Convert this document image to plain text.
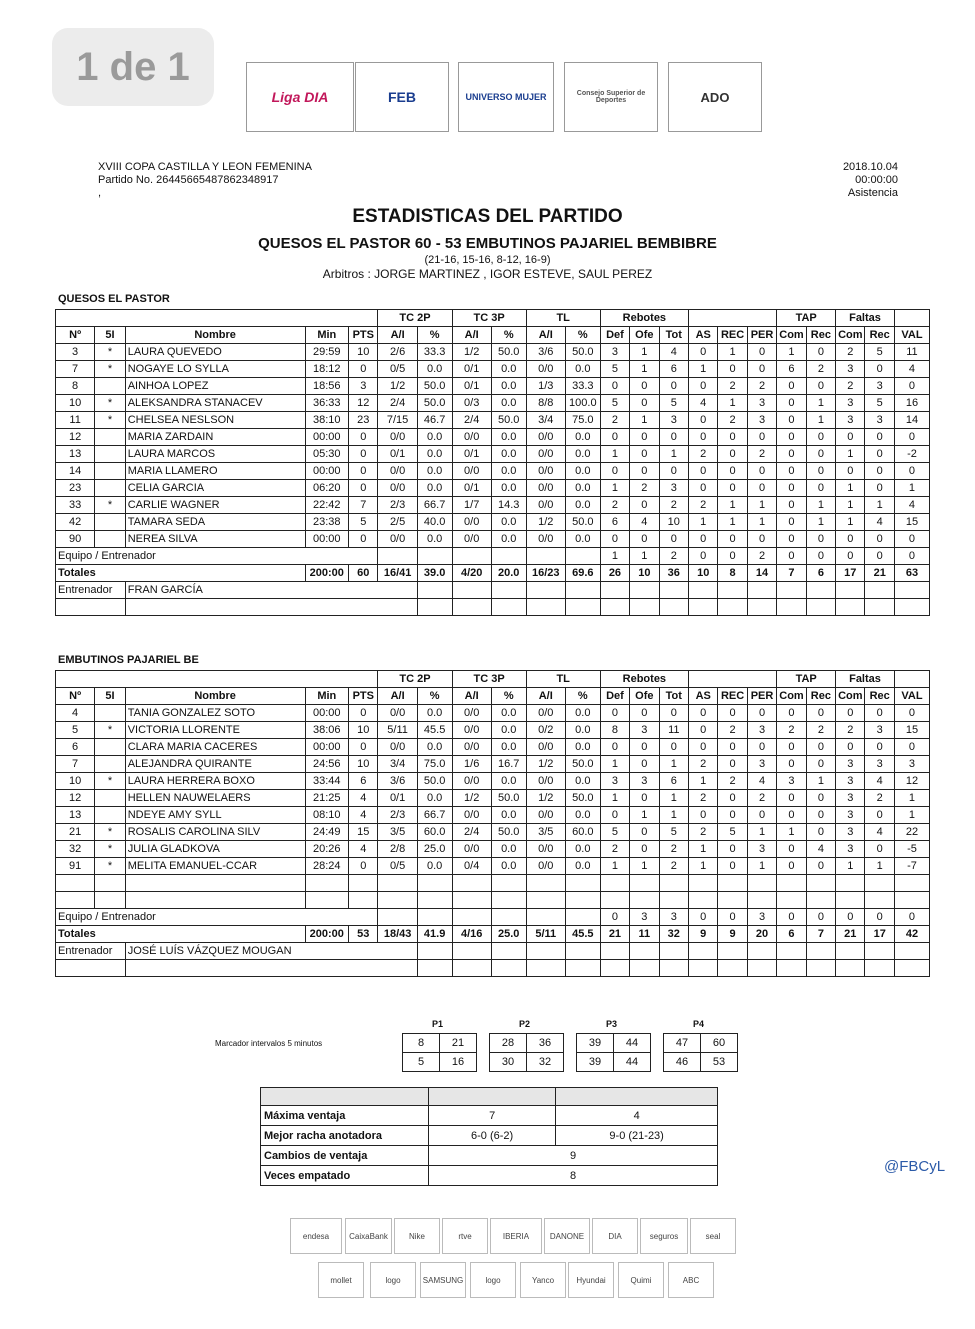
1 de 1
Liga DIA	FEB	UNIVERSO MUJER	Consejo Superior de Deportes	ADO
XVIII COPA CASTILLA Y LEON FEMENINA
Partido No. 26445665487862348917
,
2018.10.04
00:00:00
Asistencia
ESTADISTICAS DEL PARTIDO
QUESOS EL PASTOR 60 - 53 EMBUTINOS PAJARIEL BEMBIBRE
(21-16, 15-16, 8-12, 16-9)
Arbitros : JORGE MARTINEZ , IGOR ESTEVE, SAUL PEREZ
QUESOS EL PASTOR
					TC 2P		TC 3P		TL		Rebotes						TAP		Faltas		
Nº	5I	Nombre	Min	PTS	A/I	%	A/I	%	A/I	%	Def	Ofe	Tot	AS	REC	PER	Com	Rec	Com	Rec	VAL
3	*	LAURA QUEVEDO	29:59	10	2/6	33.3	1/2	50.0	3/6	50.0	3	1	4	0	1	0	1	0	2	5	11
7	*	NOGAYE LO SYLLA	18:12	0	0/5	0.0	0/1	0.0	0/0	0.0	5	1	6	1	0	0	6	2	3	0	4
8		AINHOA LOPEZ	18:56	3	1/2	50.0	0/1	0.0	1/3	33.3	0	0	0	0	2	2	0	0	2	3	0
10	*	ALEKSANDRA STANACEV	36:33	12	2/4	50.0	0/3	0.0	8/8	100.0	5	0	5	4	1	3	0	1	3	5	16
11	*	CHELSEA NESLSON	38:10	23	7/15	46.7	2/4	50.0	3/4	75.0	2	1	3	0	2	3	0	1	3	3	14
12		MARIA ZARDAIN	00:00	0	0/0	0.0	0/0	0.0	0/0	0.0	0	0	0	0	0	0	0	0	0	0	0
13		LAURA MARCOS	05:30	0	0/1	0.0	0/1	0.0	0/0	0.0	1	0	1	2	0	2	0	0	1	0	-2
14		MARIA LLAMERO	00:00	0	0/0	0.0	0/0	0.0	0/0	0.0	0	0	0	0	0	0	0	0	0	0	0
23		CELIA GARCIA	06:20	0	0/0	0.0	0/1	0.0	0/0	0.0	1	2	3	0	0	0	0	0	1	0	1
33	*	CARLIE WAGNER	22:42	7	2/3	66.7	1/7	14.3	0/0	0.0	2	0	2	2	1	1	0	1	1	1	4
42		TAMARA SEDA	23:38	5	2/5	40.0	0/0	0.0	1/2	50.0	6	4	10	1	1	1	0	1	1	4	15
90		NEREA SILVA	00:00	0	0/0	0.0	0/0	0.0	0/0	0.0	0	0	0	0	0	0	0	0	0	0	0
Equipo / Entrenador											1	1	2	0	0	2	0	0	0	0	0
Totales			200:00	60	16/41	39.0	4/20	20.0	16/23	69.6	26	10	36	10	8	14	7	6	17	21	63
Entrenador		FRAN GARCÍA																			

EMBUTINOS PAJARIEL BE
					TC 2P		TC 3P		TL		Rebotes						TAP		Faltas		
Nº	5I	Nombre	Min	PTS	A/I	%	A/I	%	A/I	%	Def	Ofe	Tot	AS	REC	PER	Com	Rec	Com	Rec	VAL
4		TANIA GONZALEZ SOTO	00:00	0	0/0	0.0	0/0	0.0	0/0	0.0	0	0	0	0	0	0	0	0	0	0	0
5	*	VICTORIA LLORENTE	38:06	10	5/11	45.5	0/0	0.0	0/2	0.0	8	3	11	0	2	3	2	2	2	3	15
6		CLARA MARIA CACERES	00:00	0	0/0	0.0	0/0	0.0	0/0	0.0	0	0	0	0	0	0	0	0	0	0	0
7		ALEJANDRA QUIRANTE	24:56	10	3/4	75.0	1/6	16.7	1/2	50.0	1	0	1	2	0	3	0	0	3	3	3
10	*	LAURA HERRERA BOXO	33:44	6	3/6	50.0	0/0	0.0	0/0	0.0	3	3	6	1	2	4	3	1	3	4	12
12		HELLEN NAUWELAERS	21:25	4	0/1	0.0	1/2	50.0	1/2	50.0	1	0	1	2	0	2	0	0	3	2	1
13		NDEYE AMY SYLL	08:10	4	2/3	66.7	0/0	0.0	0/0	0.0	0	1	1	0	0	0	0	0	3	0	1
21	*	ROSALIS CAROLINA SILV	24:49	15	3/5	60.0	2/4	50.0	3/5	60.0	5	0	5	2	5	1	1	0	3	4	22
32	*	JULIA GLADKOVA	20:26	4	2/8	25.0	0/0	0.0	0/0	0.0	2	0	2	1	0	3	0	4	3	0	-5
91	*	MELITA EMANUEL-CCAR	28:24	0	0/5	0.0	0/4	0.0	0/0	0.0	1	1	2	1	0	1	0	0	1	1	-7

Equipo / Entrenador											0	3	3	0	0	3	0	0	0	0	0
Totales			200:00	53	18/43	41.9	4/16	25.0	5/11	45.5	21	11	32	9	9	20	6	7	21	17	42
Entrenador		JOSÉ LUÍS VÁZQUEZ MOUGAN																			

Marcador intervalos 5 minutos
P1
8	21
5	16
P2
28	36
30	32
P3
39	44
39	44
P4
47	60
46	53

Máxima ventaja	7	4
Mejor racha anotadora	6-0 (6-2)	9-0 (21-23)
Cambios de ventaja	9	
Veces empatado	8	
@FBCyL
endesa	CaixaBank	Nike	rtve	IBERIA	DANONE	DIA	seguros	seal
mollet	logo	SAMSUNG	logo	Yanco	Hyundai	Quimi	ABC
